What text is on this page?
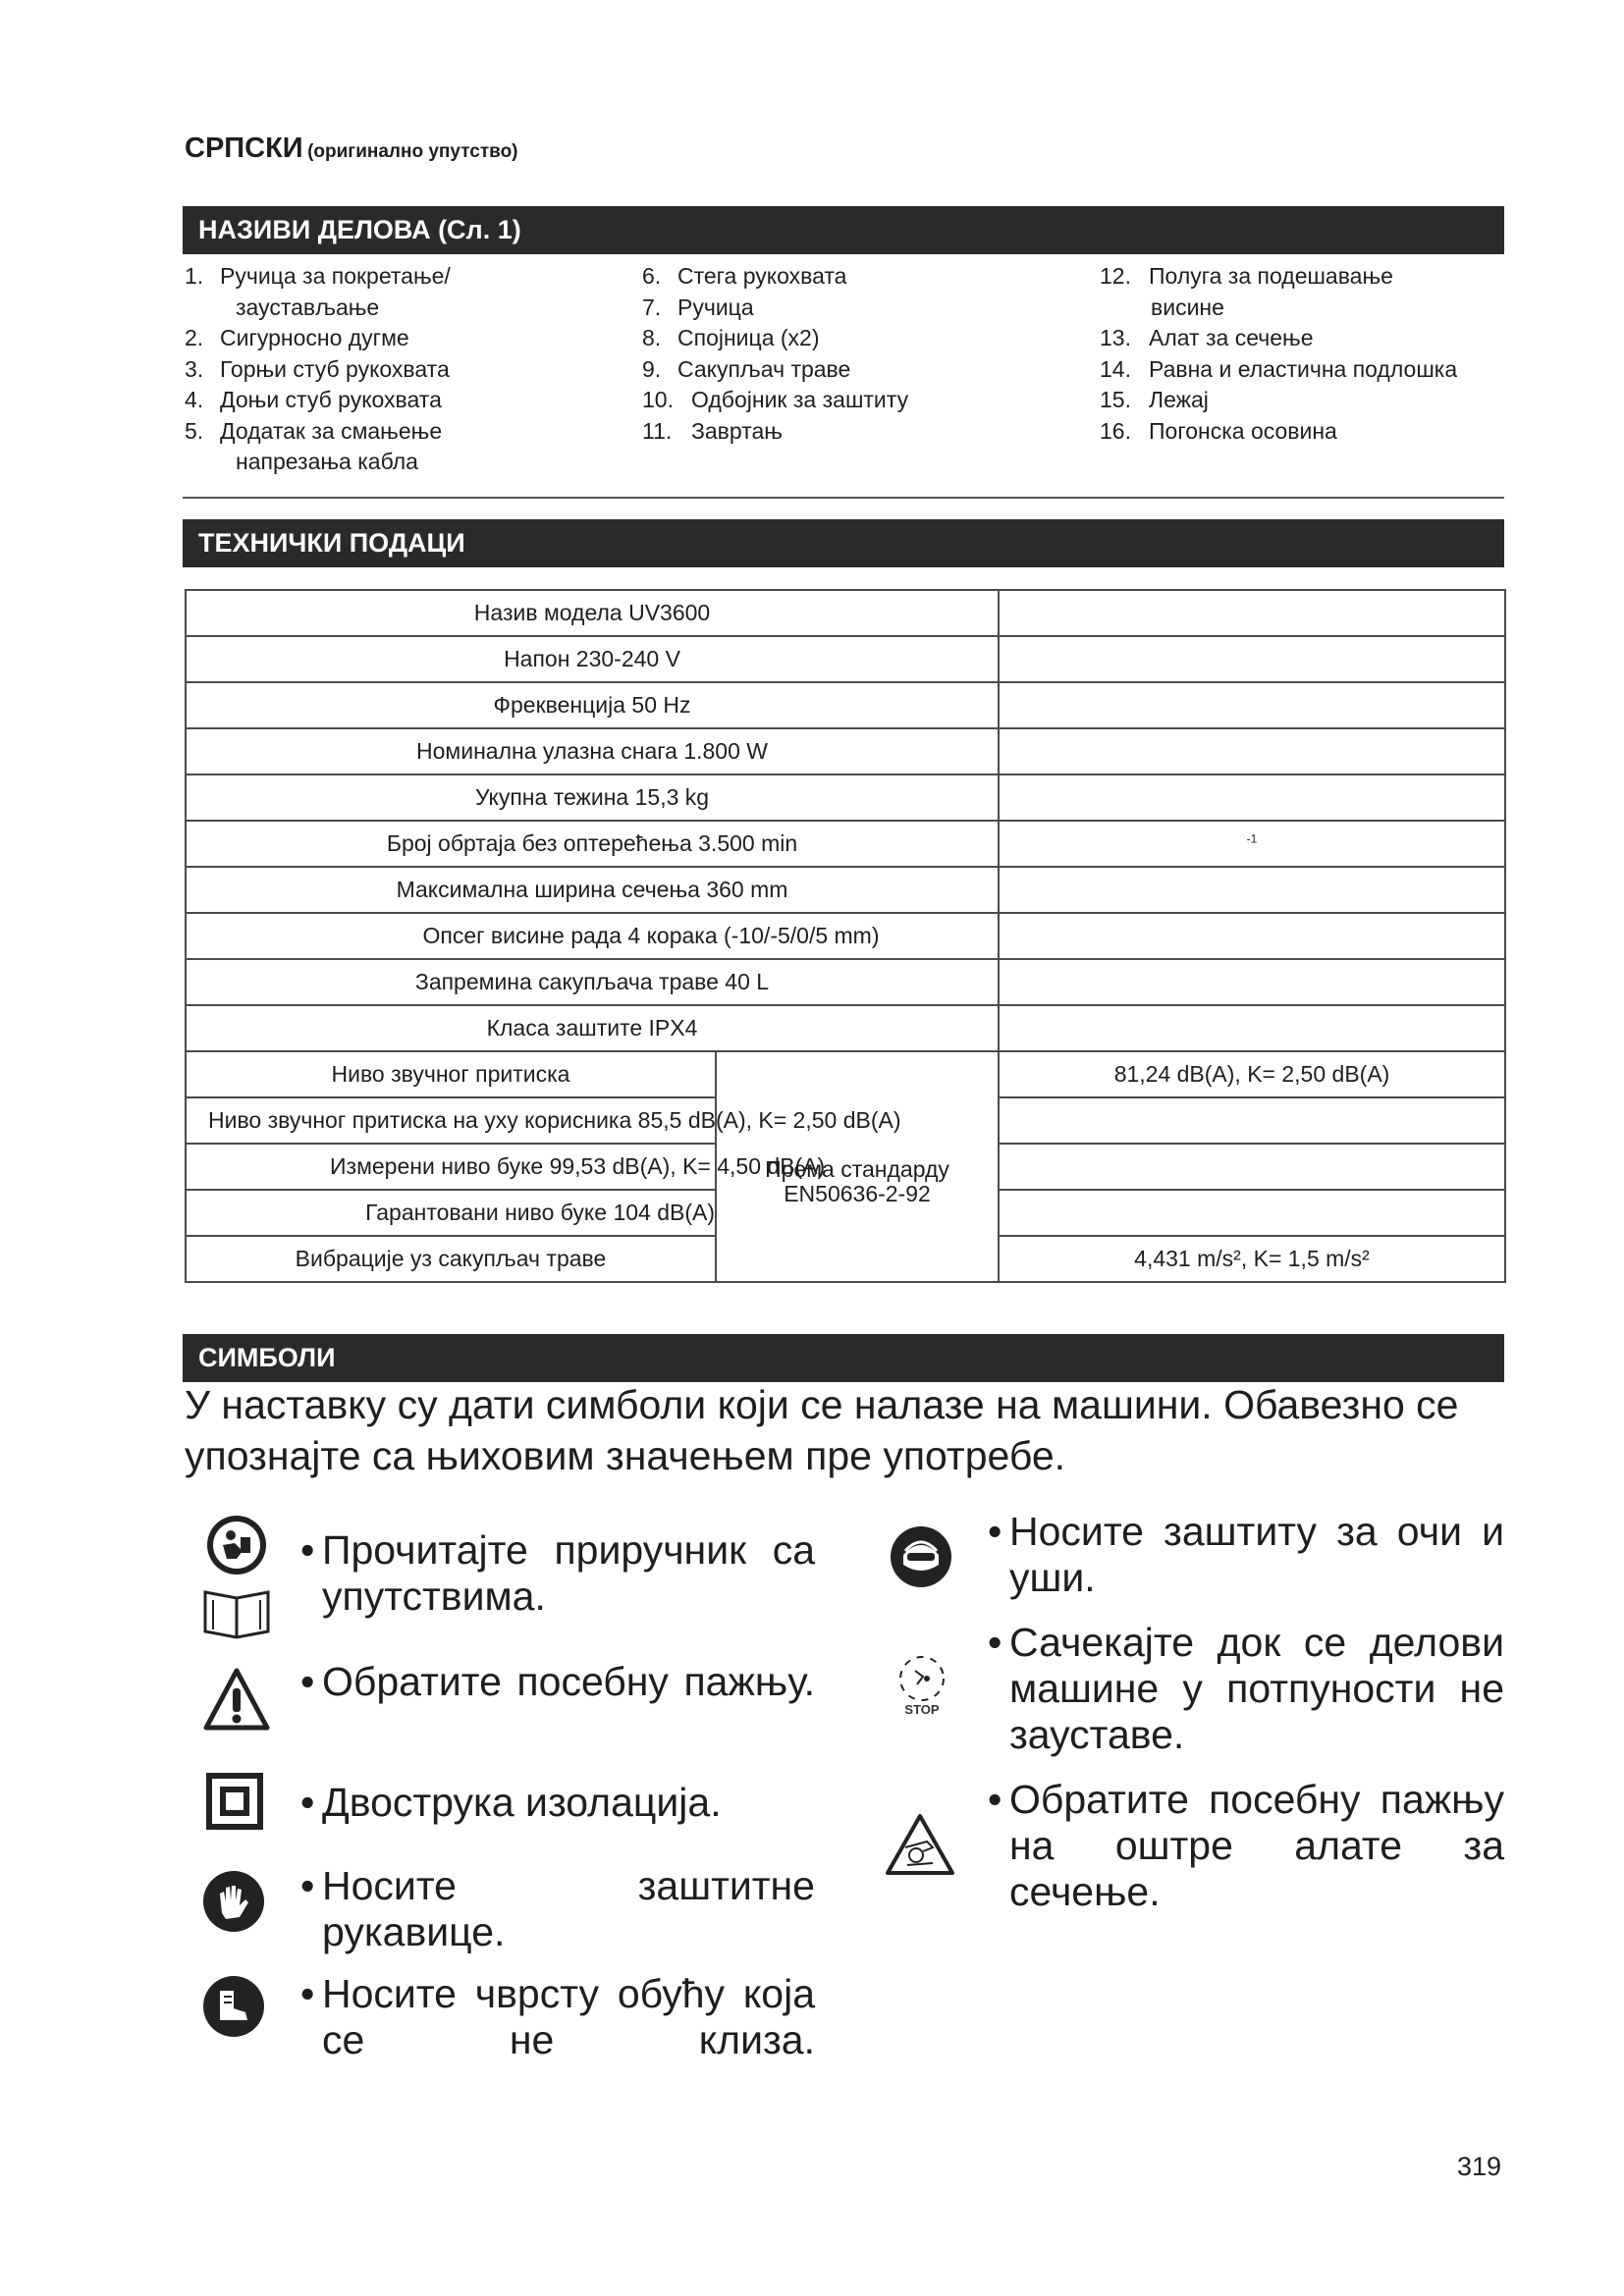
СРПСКИ (оригинално упутство)
НАЗИВИ ДЕЛОВА (Сл. 1)
1. Ручица за покретање/
заустављање
2. Сигурносно дугме
3. Горњи стуб рукохвата
4. Доњи стуб рукохвата
5. Додатак за смањење
напрезања кабла
6. Стега рукохвата
7. Ручица
8. Спојница (x2)
9. Сакупљач траве
10. Одбојник за заштиту
11. Завртањ
12. Полуга за подешавање
висине
13. Алат за сечење
14. Равна и еластична подлошка
15. Лежај
16. Погонска осовина
ТЕХНИЧКИ ПОДАЦИ
Назив модела UV3600		
Напон 230-240 V		
Фреквенција 50 Hz		
Номинална улазна снага 1.800 W		
Укупна тежина 15,3 kg		
Број обртаја без оптерећења 3.500 min		$^{-1}$
Максимална ширина сечења 360 mm		
Опсег висине рада 4 корака (-10/-5/0/5 mm)		
Запремина сакупљача траве 40 L		
Класа заштите IPX4		
Ниво звучног притиска	Према стандарду EN50636-2-92	81,24 dB(A), K= 2,50 dB(A)
Ниво звучног притиска на уху корисника 85,5 dB(A), K= 2,50 dB(A)		
Измерени ниво буке 99,53 dB(A), K= 4,50 dB(A)		
Гарантовани ниво буке 104 dB(A)		
Вибрације уз сакупљач траве		4,431 m/s², K= 1,5 m/s²
СИМБОЛИ
У наставку су дати симболи који се налазе на машини. Обавезно се упознајте са њиховим значењем пре употребе.
STOP
• Прочитајте приручник са упутствима.
• Обратите посебну пажњу.
• Двострука изолација.
• Носите заштитне рукавице.
• Носите чврсту обућу која се не клиза.
• Носите заштиту за очи и уши.
• Сачекајте док се делови машине у потпуности не зауставе.
• Обратите посебну пажњу на оштре алате за сечење.
319
